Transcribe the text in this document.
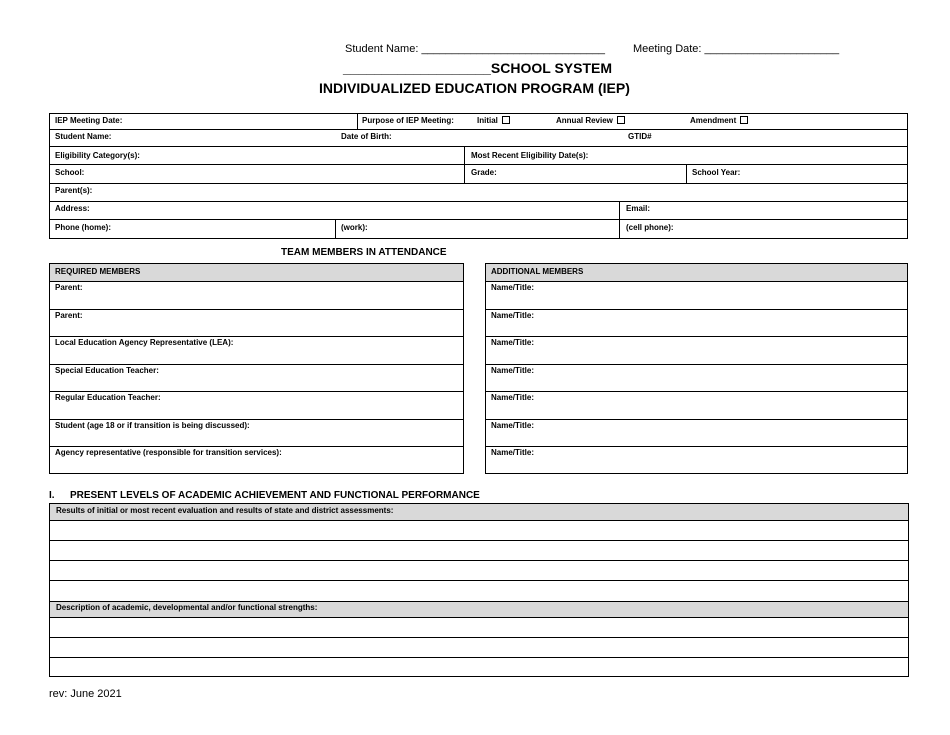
Student Name: ______________________________	Meeting Date: ______________________
___________________SCHOOL SYSTEM
INDIVIDUALIZED EDUCATION PROGRAM (IEP)
IEP Meeting Date:	Purpose of IEP Meeting:	Initial	Annual Review	Amendment
Student Name:	Date of Birth:	GTID#
Eligibility Category(s):	Most Recent Eligibility Date(s):
School:	Grade:	School Year:
Parent(s):
Address:	Email:
Phone (home):	(work):	(cell phone):
TEAM MEMBERS IN ATTENDANCE
REQUIRED MEMBERS
Parent:
Parent:
Local Education Agency Representative (LEA):
Special Education Teacher:
Regular Education Teacher:
Student (age 18 or if transition is being discussed):
Agency representative (responsible for transition services):
ADDITIONAL MEMBERS
Name/Title:
Name/Title:
Name/Title:
Name/Title:
Name/Title:
Name/Title:
Name/Title:
I. PRESENT LEVELS OF ACADEMIC ACHIEVEMENT AND FUNCTIONAL PERFORMANCE
Results of initial or most recent evaluation and results of state and district assessments:
Description of academic, developmental and/or functional strengths:
rev: June 2021
